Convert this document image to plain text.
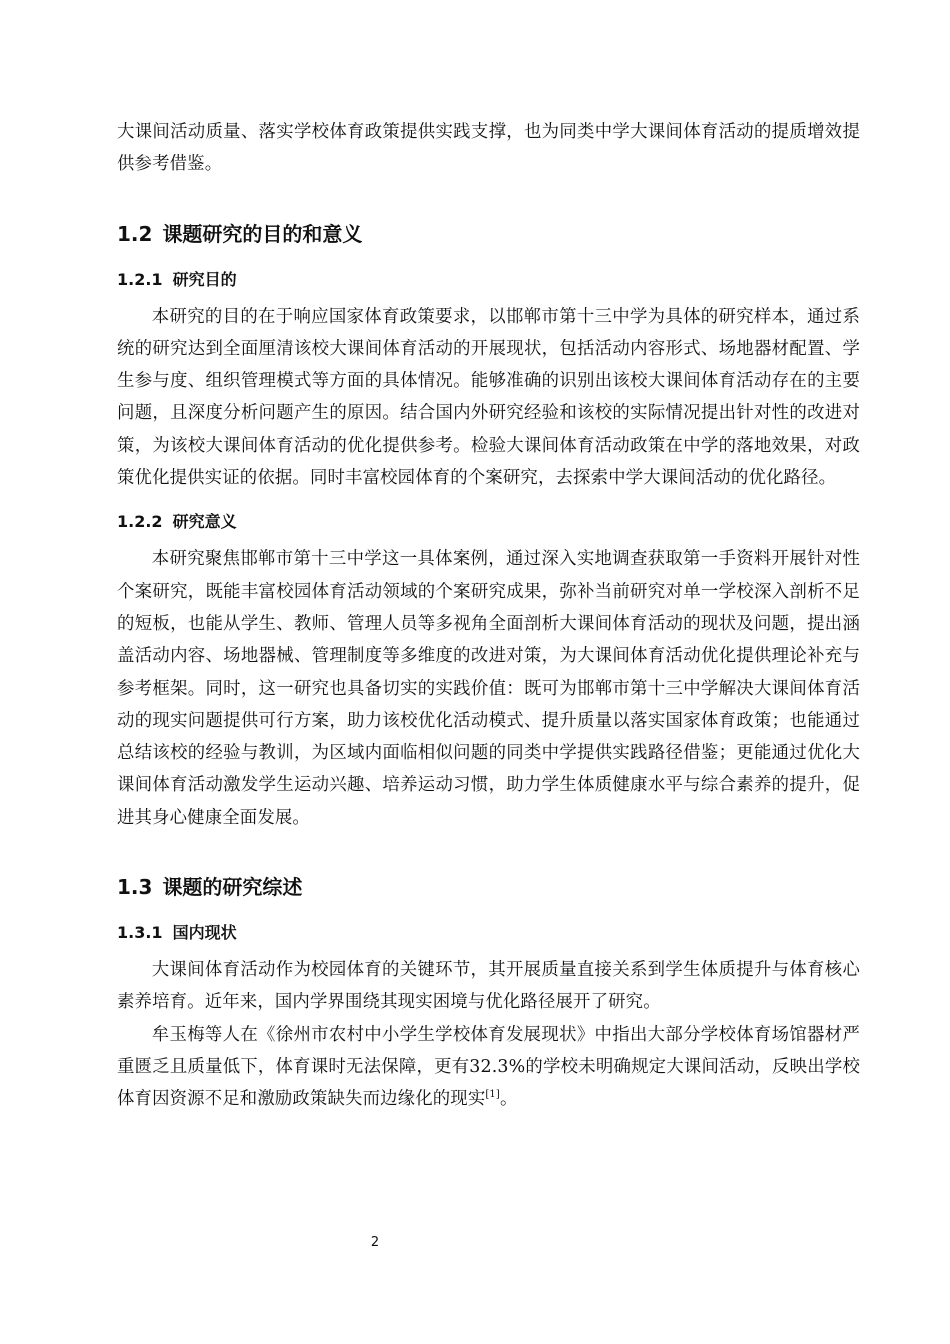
大课间活动质量、落实学校体育政策提供实践支撑，也为同类中学大课间体育活动的提质增效提供参考借鉴。

1.2 课题研究的目的和意义
1.2.1 研究目的

本研究的目的在于响应国家体育政策要求，以邯郸市第十三中学为具体的研究样本，通过系统的研究达到全面厘清该校大课间体育活动的开展现状，包括活动内容形式、场地器材配置、学生参与度、组织管理模式等方面的具体情况。能够准确的识别出该校大课间体育活动存在的主要问题，且深度分析问题产生的原因。结合国内外研究经验和该校的实际情况提出针对性的改进对策，为该校大课间体育活动的优化提供参考。检验大课间体育活动政策在中学的落地效果，对政策优化提供实证的依据。同时丰富校园体育的个案研究，去探索中学大课间活动的优化路径。

1.2.2 研究意义

本研究聚焦邯郸市第十三中学这一具体案例，通过深入实地调查获取第一手资料开展针对性个案研究，既能丰富校园体育活动领域的个案研究成果，弥补当前研究对单一学校深入剖析不足的短板，也能从学生、教师、管理人员等多视角全面剖析大课间体育活动的现状及问题，提出涵盖活动内容、场地器械、管理制度等多维度的改进对策，为大课间体育活动优化提供理论补充与参考框架。同时，这一研究也具备切实的实践价值：既可为邯郸市第十三中学解决大课间体育活动的现实问题提供可行方案，助力该校优化活动模式、提升质量以落实国家体育政策；也能通过总结该校的经验与教训，为区域内面临相似问题的同类中学提供实践路径借鉴；更能通过优化大课间体育活动激发学生运动兴趣、培养运动习惯，助力学生体质健康水平与综合素养的提升，促进其身心健康全面发展。

1.3 课题的研究综述
1.3.1 国内现状

大课间体育活动作为校园体育的关键环节，其开展质量直接关系到学生体质提升与体育核心素养培育。近年来，国内学界围绕其现实困境与优化路径展开了研究。

牟玉梅等人在《徐州市农村中小学生学校体育发展现状》中指出大部分学校体育场馆器材严重匮乏且质量低下，体育课时无法保障，更有32.3%的学校未明确规定大课间活动，反映出学校体育因资源不足和激励政策缺失而边缘化的现实[1]。

2
